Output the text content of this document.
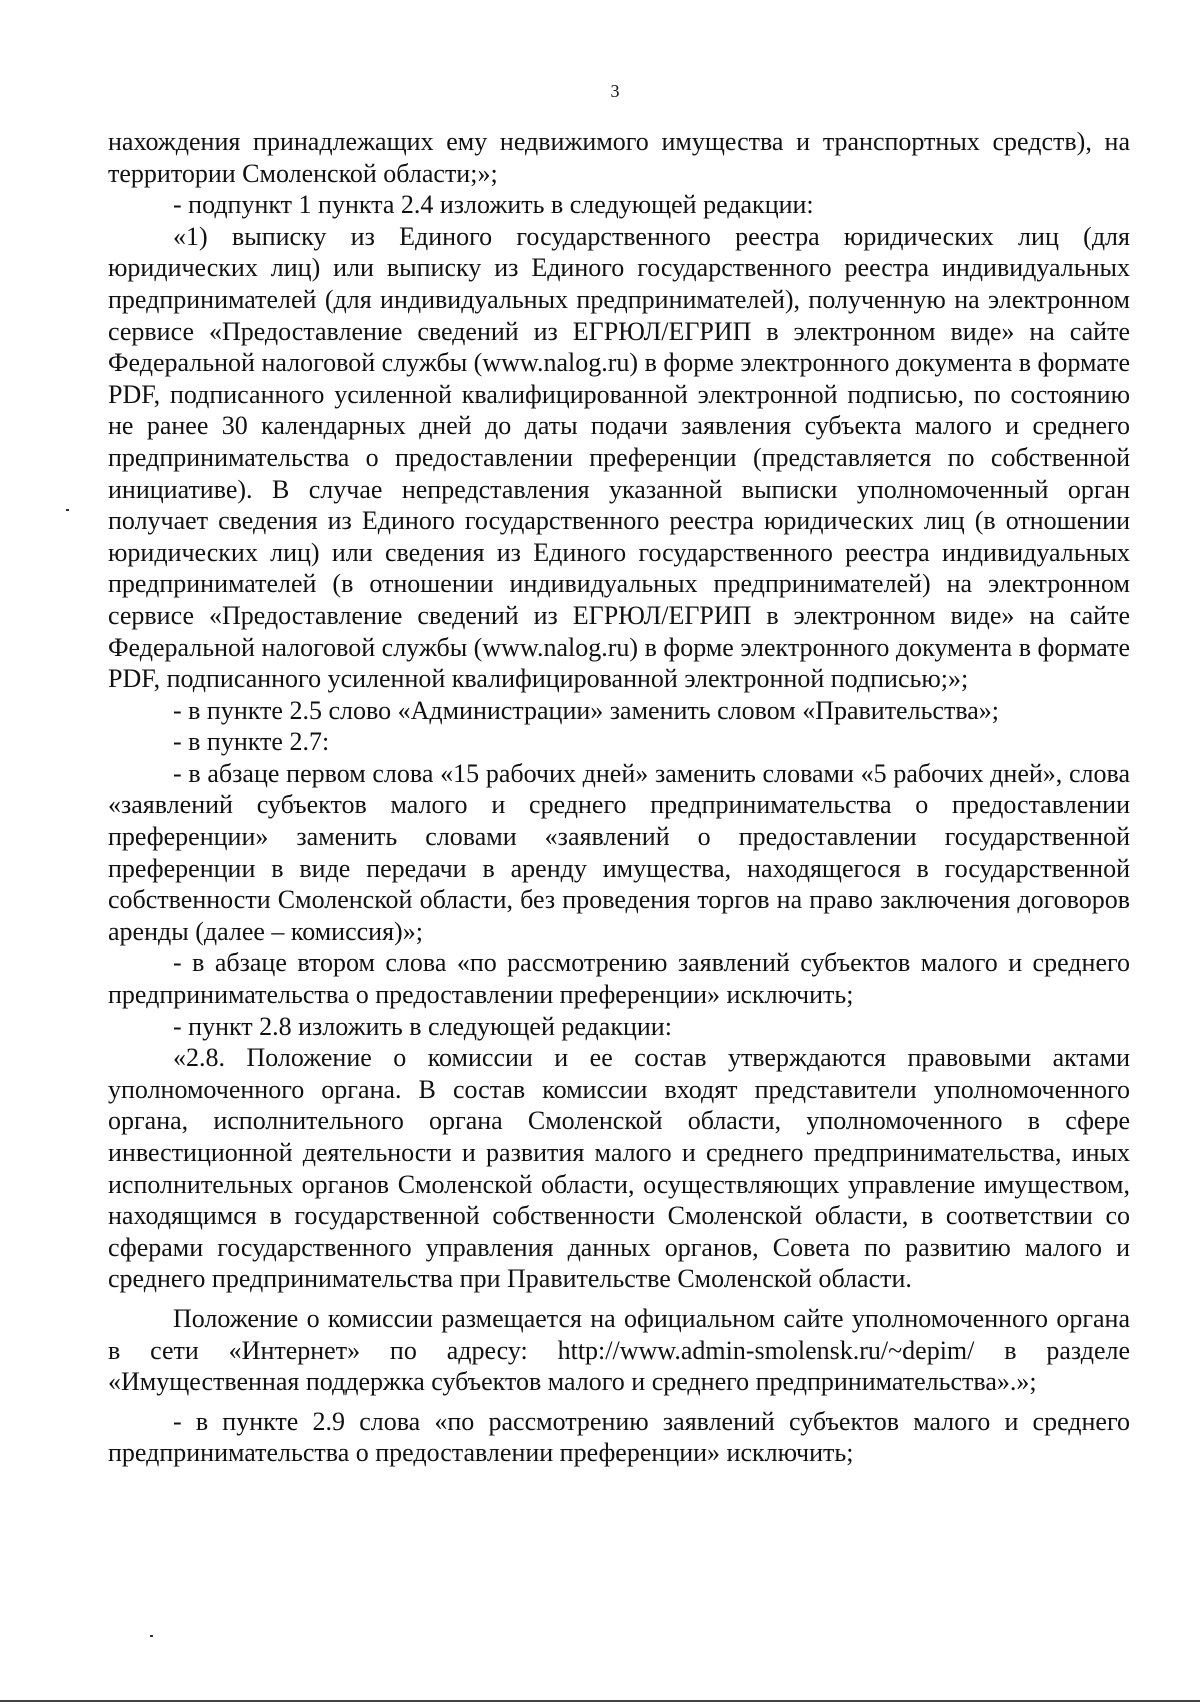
3

нахождения принадлежащих ему недвижимого имущества и транспортных средств), на территории Смоленской области;»;

- подпункт 1 пункта 2.4 изложить в следующей редакции:

«1) выписку из Единого государственного реестра юридических лиц (для юридических лиц) или выписку из Единого государственного реестра индивидуальных предпринимателей (для индивидуальных предпринимателей), полученную на электронном сервисе «Предоставление сведений из ЕГРЮЛ/ЕГРИП в электронном виде» на сайте Федеральной налоговой службы (www.nalog.ru) в форме электронного документа в формате PDF, подписанного усиленной квалифицированной электронной подписью, по состоянию не ранее 30 календарных дней до даты подачи заявления субъекта малого и среднего предпринимательства о предоставлении преференции (представляется по собственной инициативе). В случае непредставления указанной выписки уполномоченный орган получает сведения из Единого государственного реестра юридических лиц (в отношении юридических лиц) или сведения из Единого государственного реестра индивидуальных предпринимателей (в отношении индивидуальных предпринимателей) на электронном сервисе «Предоставление сведений из ЕГРЮЛ/ЕГРИП в электронном виде» на сайте Федеральной налоговой службы (www.nalog.ru) в форме электронного документа в формате PDF, подписанного усиленной квалифицированной электронной подписью;»;

- в пункте 2.5 слово «Администрации» заменить словом «Правительства»;

- в пункте 2.7:

- в абзаце первом слова «15 рабочих дней» заменить словами «5 рабочих дней», слова «заявлений субъектов малого и среднего предпринимательства о предоставлении преференции» заменить словами «заявлений о предоставлении государственной преференции в виде передачи в аренду имущества, находящегося в государственной собственности Смоленской области, без проведения торгов на право заключения договоров аренды (далее – комиссия)»;

- в абзаце втором слова «по рассмотрению заявлений субъектов малого и среднего предпринимательства о предоставлении преференции» исключить;

- пункт 2.8 изложить в следующей редакции:

«2.8. Положение о комиссии и ее состав утверждаются правовыми актами уполномоченного органа. В состав комиссии входят представители уполномоченного органа, исполнительного органа Смоленской области, уполномоченного в сфере инвестиционной деятельности и развития малого и среднего предпринимательства, иных исполнительных органов Смоленской области, осуществляющих управление имуществом, находящимся в государственной собственности Смоленской области, в соответствии со сферами государственного управления данных органов, Совета по развитию малого и среднего предпринимательства при Правительстве Смоленской области.

Положение о комиссии размещается на официальном сайте уполномоченного органа в сети «Интернет» по адресу: http://www.admin-smolensk.ru/~depim/ в разделе «Имущественная поддержка субъектов малого и среднего предпринимательства».»;

- в пункте 2.9 слова «по рассмотрению заявлений субъектов малого и среднего предпринимательства о предоставлении преференции» исключить;
